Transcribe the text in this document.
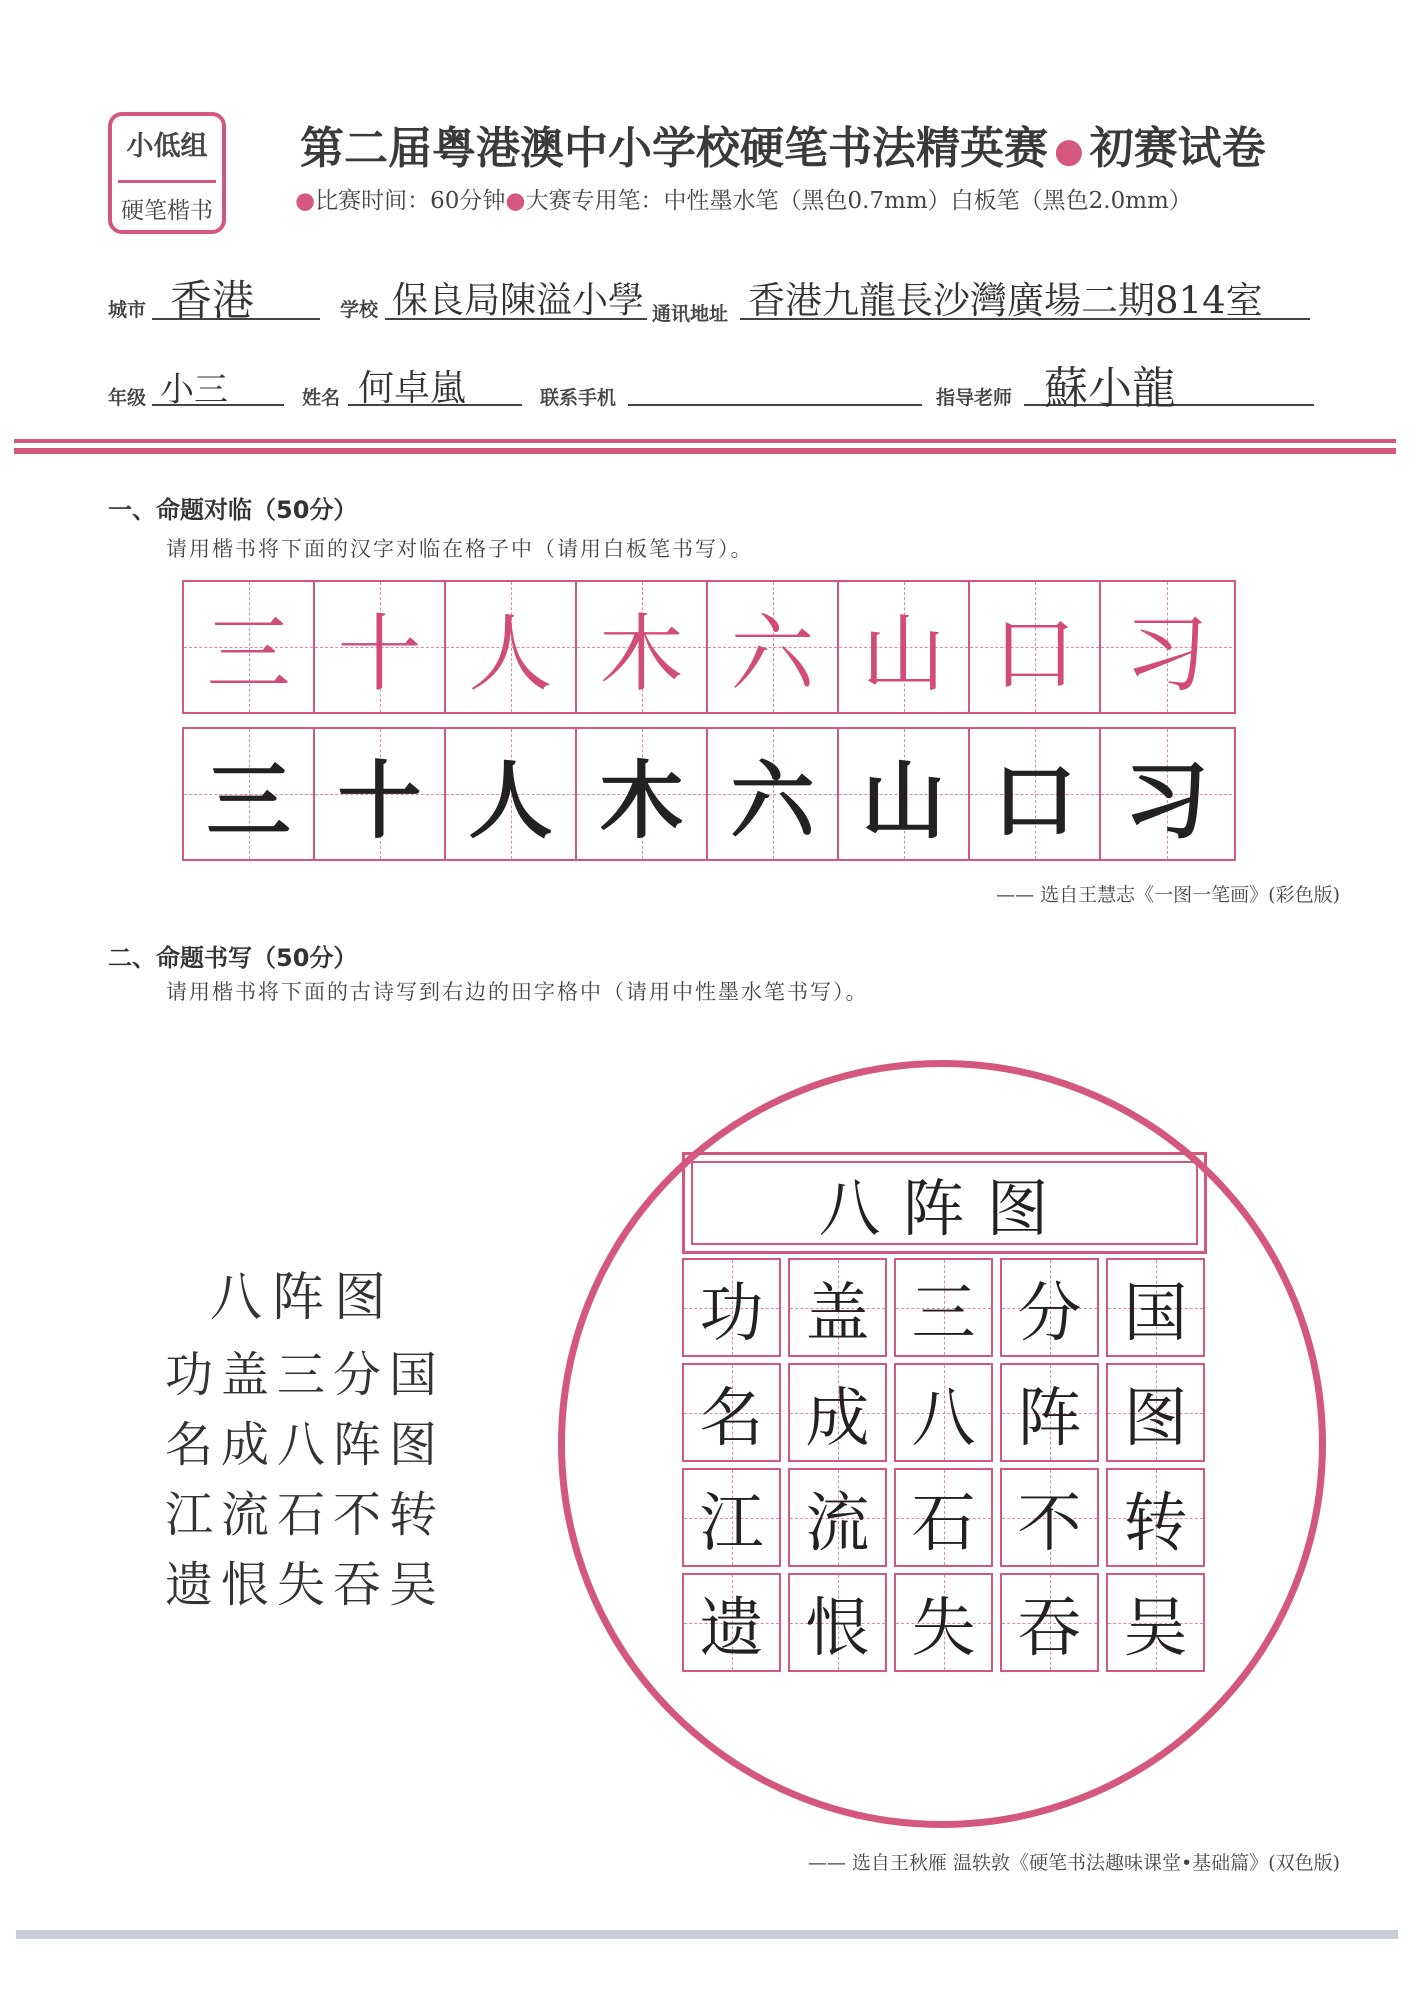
小低组
硬笔楷书
第二届粤港澳中小学校硬笔书法精英赛 ● 初赛试卷
●比赛时间：60分钟●大赛专用笔：中性墨水笔（黑色0.7mm）白板笔（黑色2.0mm）
城市 香港	学校 保良局陳溢小學 通讯地址 香港九龍長沙灣廣場二期814室
年级 小三	姓名 何卓嵐	联系手机	指导老师 蘇小龍
一、命题对临（50分）
请用楷书将下面的汉字对临在格子中（请用白板笔书写）。
三 十 人 木 六 山 口 习
三 十 人 木 六 山 口 习
—— 选自王慧志《一图一笔画》(彩色版)
二、命题书写（50分）
请用楷书将下面的古诗写到右边的田字格中（请用中性墨水笔书写）。
八阵图
功盖三分国
名成八阵图
江流石不转
遗恨失吞吴
八阵图
功 盖 三 分 国
名 成 八 阵 图
江 流 石 不 转
遗 恨 失 吞 吴
—— 选自王秋雁 温轶敦《硬笔书法趣味课堂•基础篇》(双色版)
